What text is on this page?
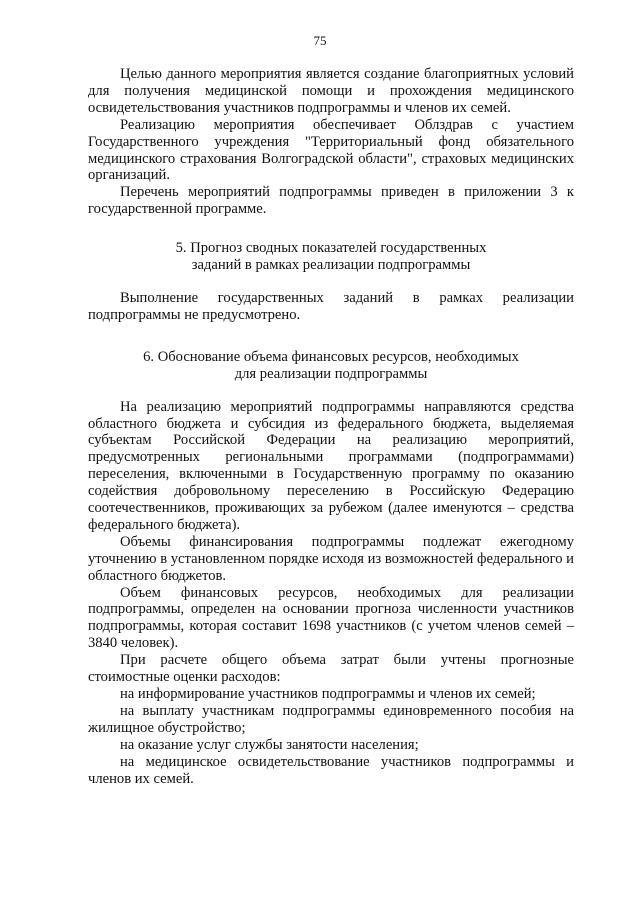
75

Целью данного мероприятия является создание благоприятных условий для получения медицинской помощи и прохождения медицинского освидетельствования участников подпрограммы и членов их семей.

Реализацию мероприятия обеспечивает Облздрав с участием Государственного учреждения "Территориальный фонд обязательного медицинского страхования Волгоградской области", страховых медицинских организаций.

Перечень мероприятий подпрограммы приведен в приложении 3 к государственной программе.

5. Прогноз сводных показателей государственных
заданий в рамках реализации подпрограммы

Выполнение государственных заданий в рамках реализации подпрограммы не предусмотрено.

6. Обоснование объема финансовых ресурсов, необходимых
для реализации подпрограммы

На реализацию мероприятий подпрограммы направляются средства областного бюджета и субсидия из федерального бюджета, выделяемая субъектам Российской Федерации на реализацию мероприятий, предусмотренных региональными программами (подпрограммами) переселения, включенными в Государственную программу по оказанию содействия добровольному переселению в Российскую Федерацию соотечественников, проживающих за рубежом (далее именуются – средства федерального бюджета).

Объемы финансирования подпрограммы подлежат ежегодному уточнению в установленном порядке исходя из возможностей федерального и областного бюджетов.

Объем финансовых ресурсов, необходимых для реализации подпрограммы, определен на основании прогноза численности участников подпрограммы, которая составит 1698 участников (с учетом членов семей – 3840 человек).

При расчете общего объема затрат были учтены прогнозные стоимостные оценки расходов:

на информирование участников подпрограммы и членов их семей;

на выплату участникам подпрограммы единовременного пособия на жилищное обустройство;

на оказание услуг службы занятости населения;

на медицинское освидетельствование участников подпрограммы и членов их семей.
